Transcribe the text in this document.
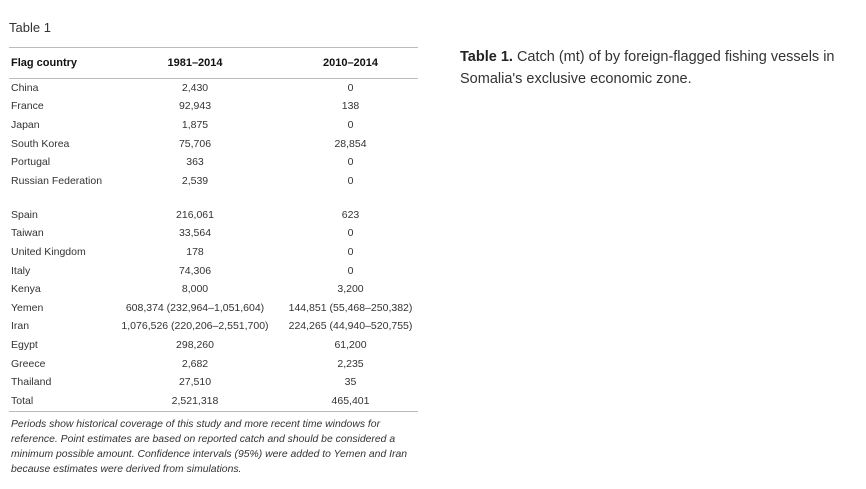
Table 1
Flag country	1981–2014	2010–2014
China	2,430	0
France	92,943	138
Japan	1,875	0
South Korea	75,706	28,854
Portugal	363	0
Russian Federation	2,539	0
Spain	216,061	623
Taiwan	33,564	0
United Kingdom	178	0
Italy	74,306	0
Kenya	8,000	3,200
Yemen	608,374 (232,964–1,051,604)	144,851 (55,468–250,382)
Iran	1,076,526 (220,206–2,551,700)	224,265 (44,940–520,755)
Egypt	298,260	61,200
Greece	2,682	2,235
Thailand	27,510	35
Total	2,521,318	465,401

Periods show historical coverage of this study and more recent time windows for reference. Point estimates are based on reported catch and should be considered a minimum possible amount. Confidence intervals (95%) were added to Yemen and Iran because estimates were derived from simulations.

Table 1. Catch (mt) of by foreign-flagged fishing vessels in Somalia's exclusive economic zone.
